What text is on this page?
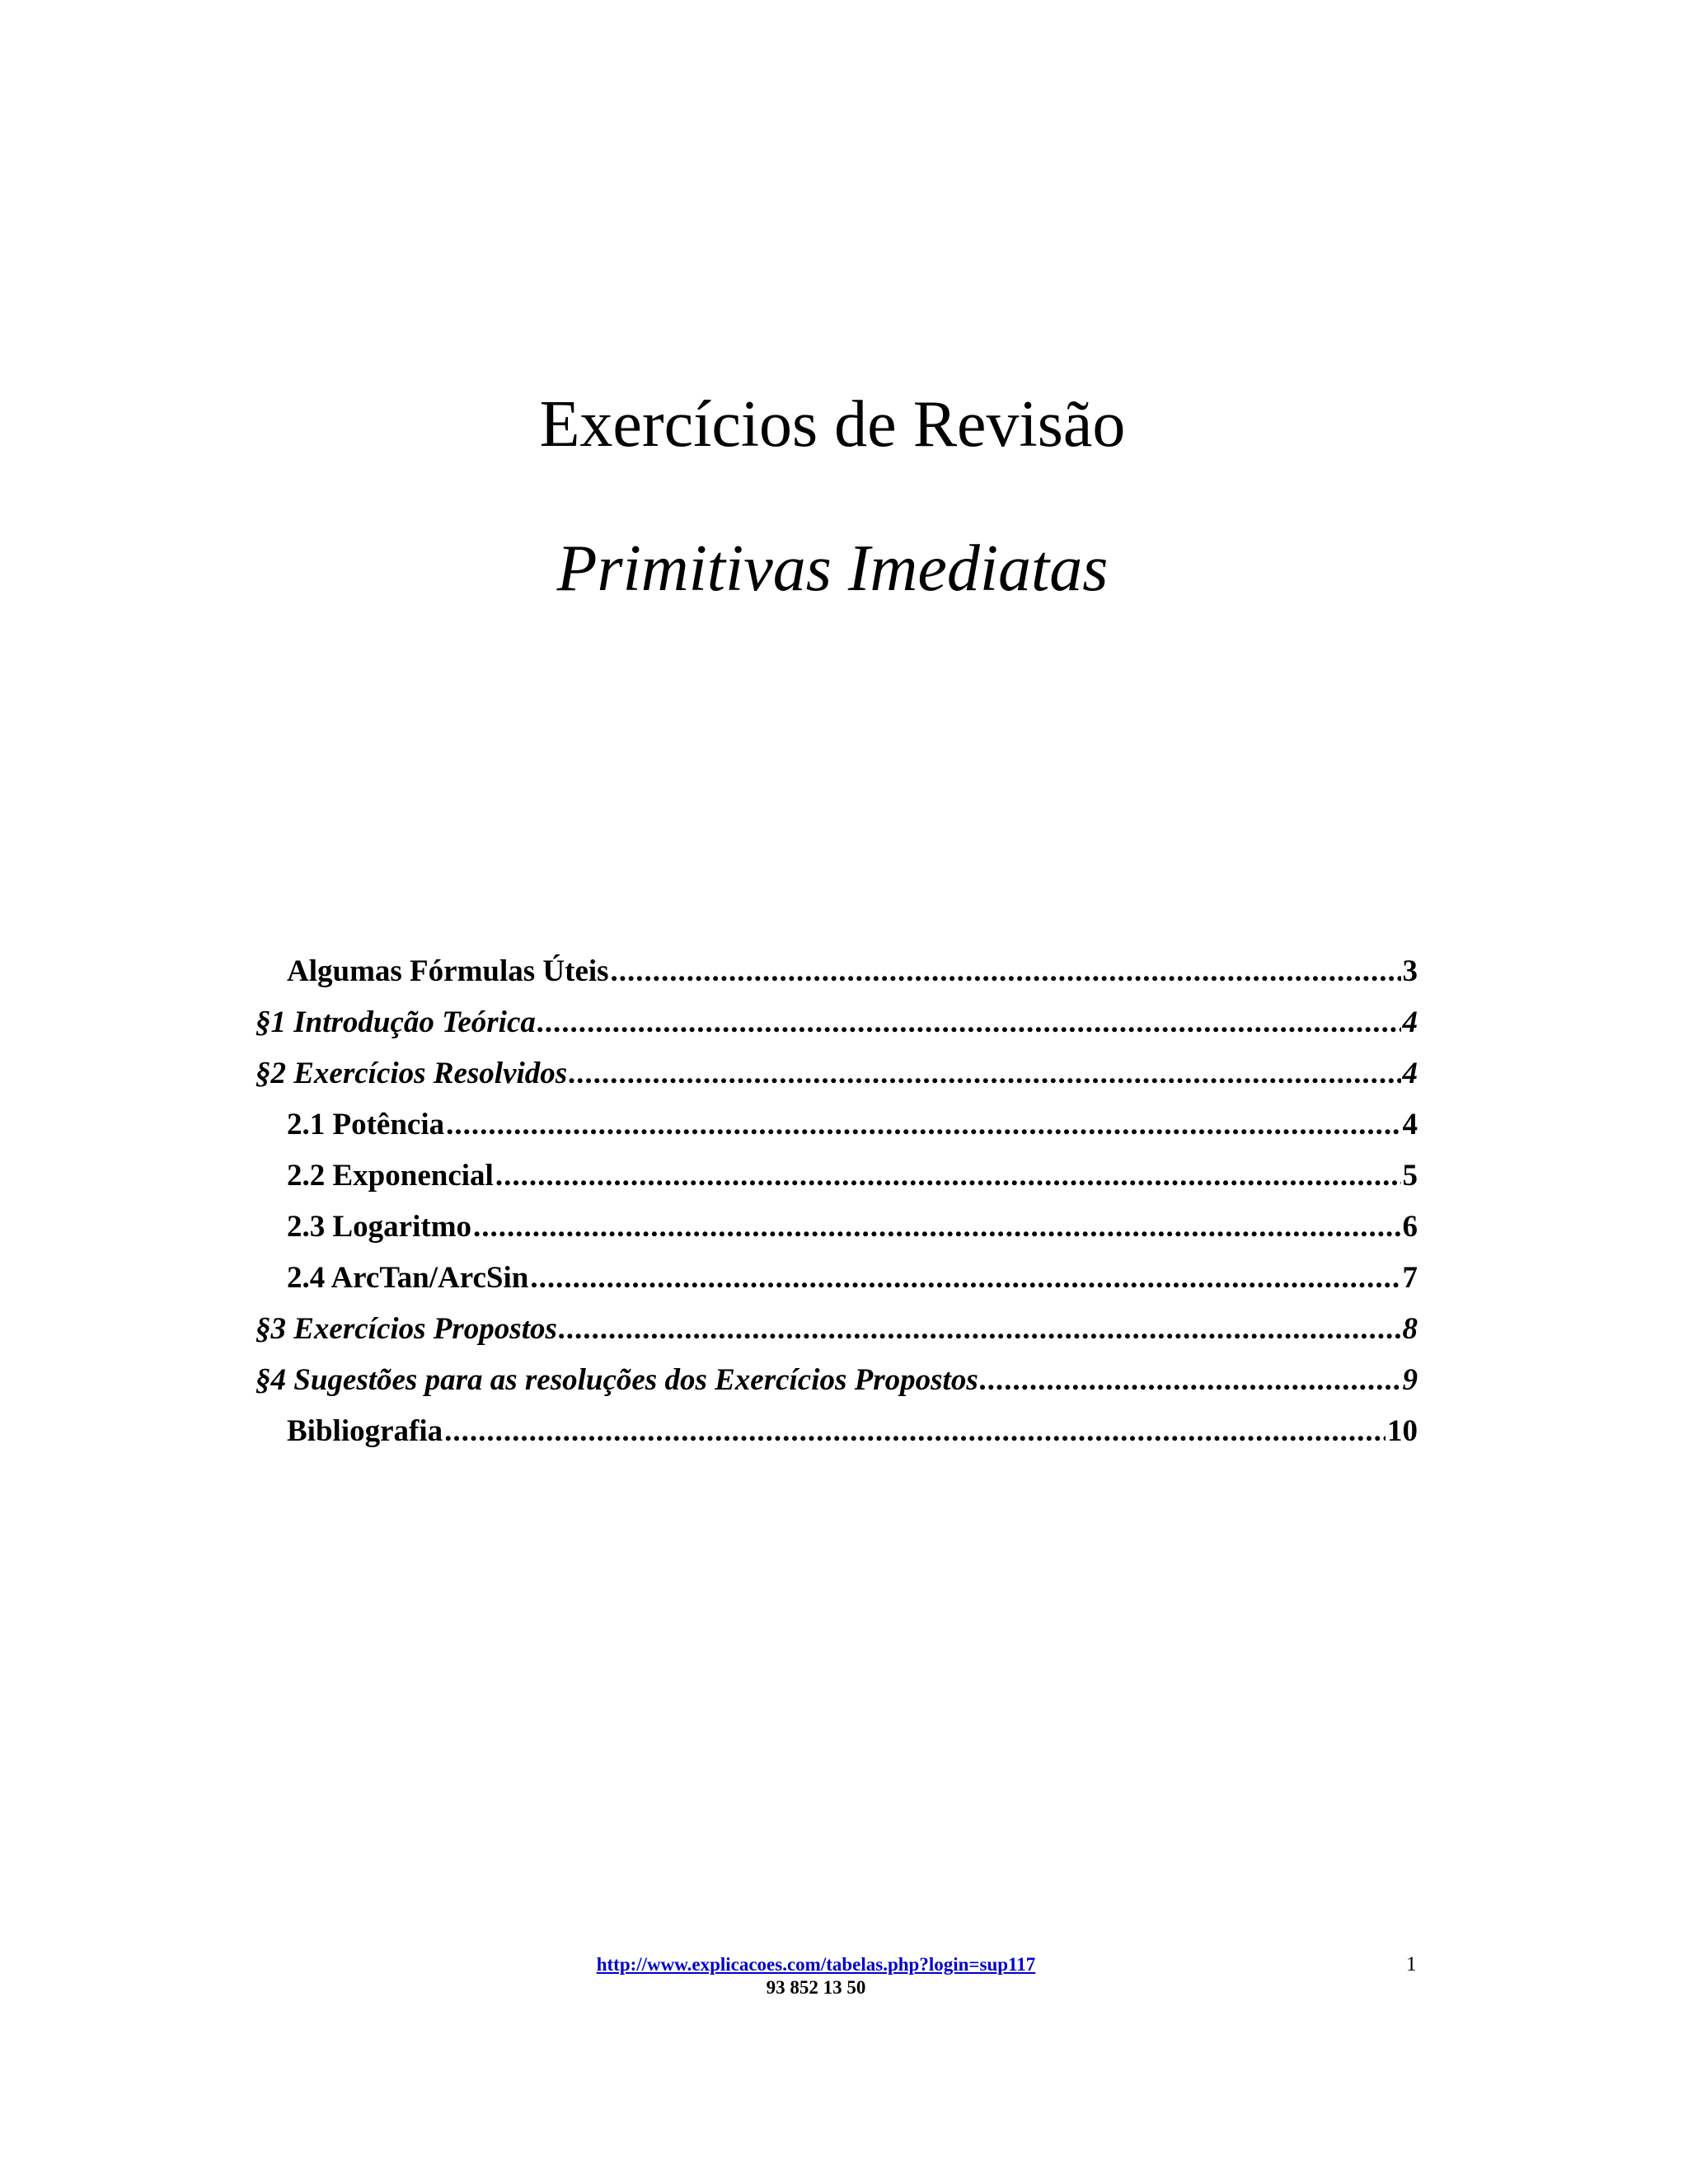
Exercícios de Revisão
Primitivas Imediatas
Algumas Fórmulas Úteis .....	3
§1 Introdução Teórica .....	4
§2 Exercícios Resolvidos .....	4
2.1 Potência .....	4
2.2 Exponencial .....	5
2.3 Logaritmo .....	6
2.4 ArcTan/ArcSin .....	7
§3 Exercícios Propostos .....	8
§4 Sugestões para as resoluções dos Exercícios Propostos .....	9
Bibliografia .....	10
http://www.explicacoes.com/tabelas.php?login=sup117
93 852 13 50
1
